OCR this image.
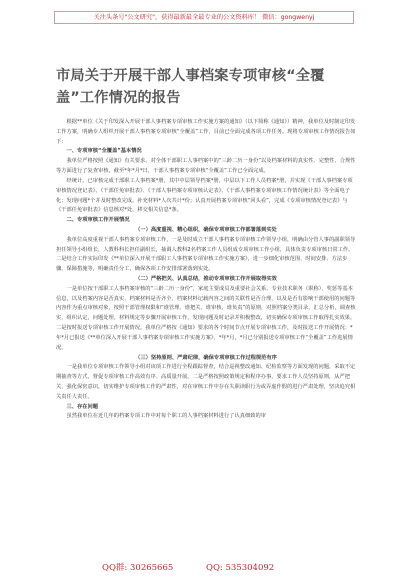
关注头条号"公文研究"，获得最新最全最专业的公文资料库！ 微信：gongwenyj
市局关于开展干部人事档案专项审核“全覆盖”工作情况的报告

根据**单位《关于印发深入开展干部人事档案专项审核工作实施方案的通知》（以下简称《通知》）精神，我单位及时制定印发工作方案，明确专人组织开展干部人事档案专项审核“全覆盖”工作，目前已全面完成各项工作任务。现将专项审核工作情况报告如下：

一、专项审核“全覆盖”基本情况

我单位严格按照《通知》有关要求，对全体干部职工人事档案中的“三龄二历一身份”以及档案材料的真实性、完整性、合规性等方面进行了复查审核，截至*年*月*日，干部人事档案专项审核“全覆盖”工作已全面完成。

经统计，已审核完成干部职工人事档案*册，其中中层领导档案*册，中层以下工作人员档案*册，并实现《干部人事档案专项审核情况登记表》、《干部任免审批表》、《干部人事档案专项审核认定表》、《干部人事档案专项审核工作情况统计表》等全面电子化；发现问题*个并及时整改完成，补充材料*人次共计*份；认真开展档案专项审核“回头看”，完成《专项审核情况登记表》与《干部任免审批表》信息核对*处，移交相关信息*条。

二、专项审核工作开展情况

（一）高度重视、精心组织，确保专项审核工作部署落到实处

我单位高度重视干部人事档案专项审核工作，一是及时成立干部人事档案专项审核工作领导小组，明确由分管人事的副职领导担任领导小组组长，人教科科长担任副组长，抽调人教科2名档案工作人员组成专项审核工作小组，具体负责专项审核日常工作。二是结合工作实际印发《**单位深入开展干部职工人事档案专项审核工作实施方案》，进一步细化审核范围、时间安排、方法步骤、保障措施等，明确责任分工，确保各项工作安排部署落到实处。

（二）严格把关、认真总结，推动专项审核工作开展取得实效

一是单位按干部职工人事档案审核的“三龄二历一身份”，家庭主要成员及重要社会关系、专业技术职务（职称）、奖惩等基本信息，以及档案内容是否真实、档案材料是否齐全、档案材料记载内容之间的关联性是否合理，以及是否有影响干部使用的问题等内容作为重点审核对象，按照干部管理权限和“谁管理、谁把关、谁审核、谁负责”的原则，对照档案分类目录，汇总分析，调查核实，组织认定，问题处理。材料规定等步骤开展审核工作，发现问题及时记录并积极整改，切实确保专项审核工作取得扎实效果。二是按时报送专项审核工作开展情况。我单位严格按《通知》要求的各个时间节点开展专项审核工作，及时报送工作开展情况：*年*月已报送《**单位深入开展干部人事档案专项审核工作实施方案》，*年*月，*月已分别报送专项审核工作“全覆盖”工作进展情况。

（三）坚持原则、严肃纪律，确保专项审核工作过程规范有序

一是我单位专项审核工作领导小组对该项工作进行全程跟踪督查，结合巡视整改通知、纪检监察等方面发现的问题，采取不定期抽查等方式，督促专项审核工作高效有序、高质量开展。二是严格按照政策规定和程序办事，要求工作人员坚持原则，从严把关，强化保密意识，切实维护专项审核工作的严肃性，对在审核工作中存在失职读职行为或弄虚作假的进行严肃处理，坚决追究相关责任人责任。

三、存在问题

虽然我单位在近几年的档案专项工作中对每个职工的人事档案材料进行了认真细致的审

QQ群: 30265665	QQ: 535304092
